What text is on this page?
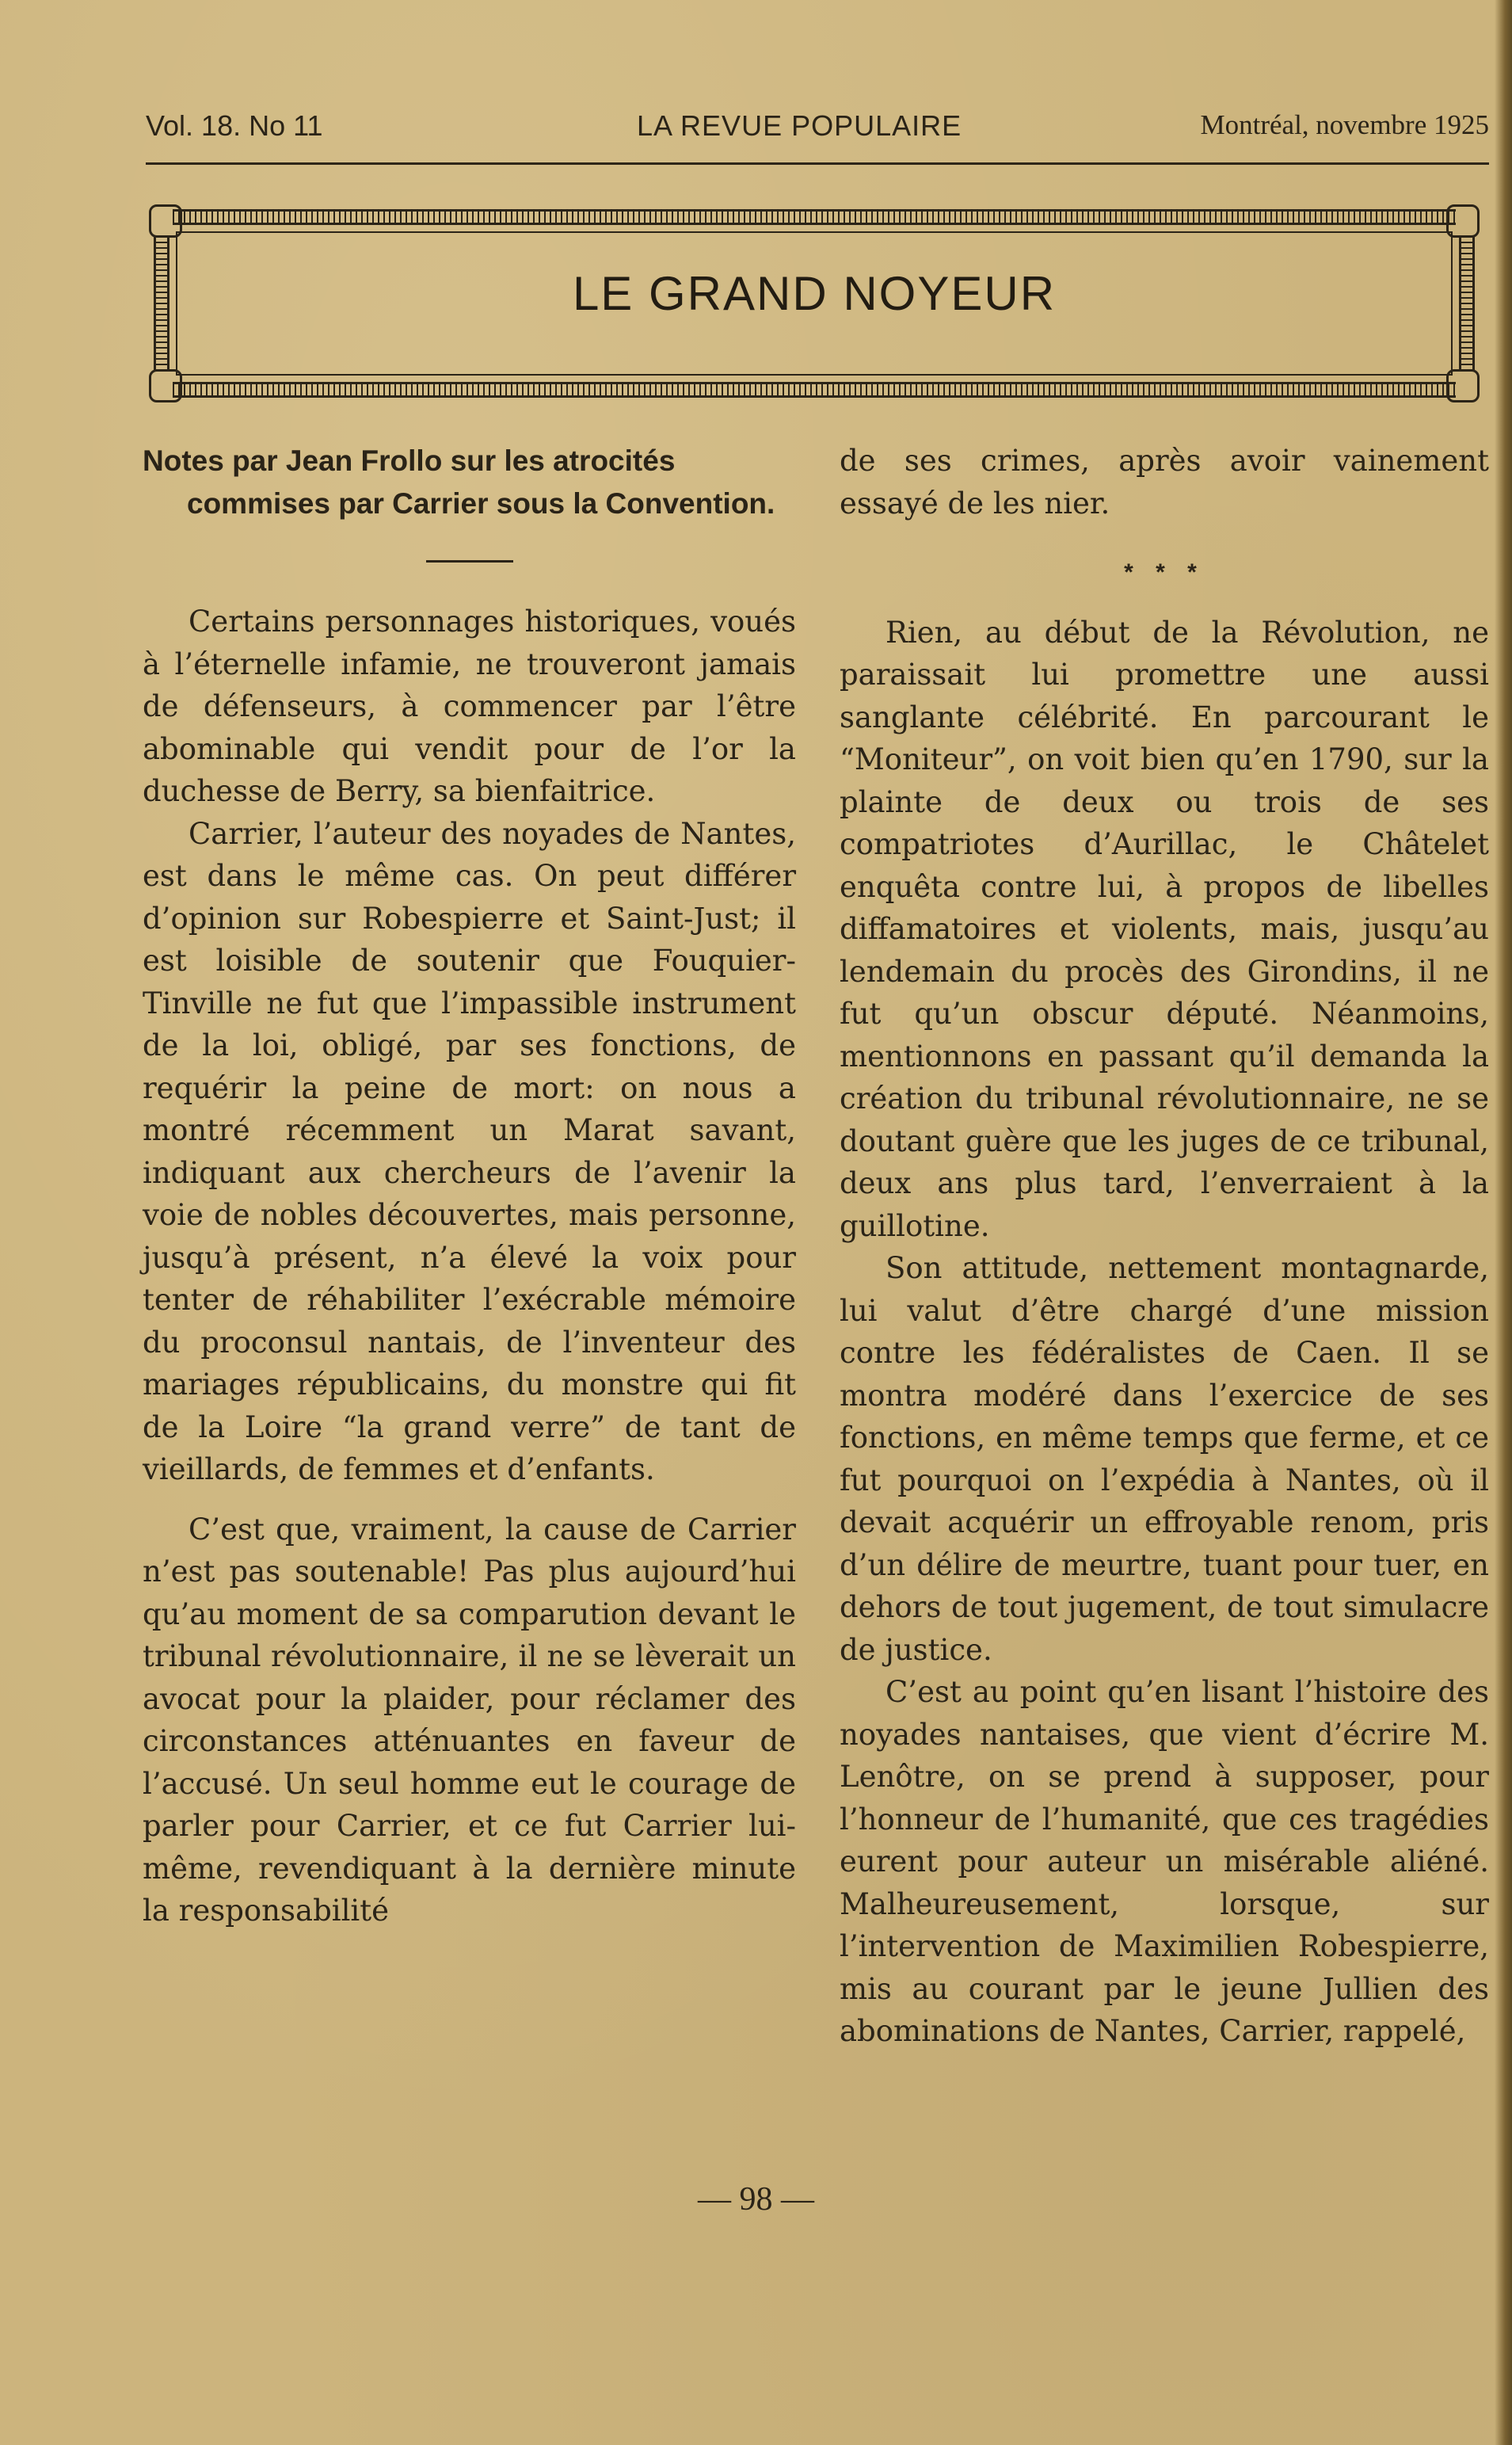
Vol. 18. No 11	LA REVUE POPULAIRE	Montréal, novembre 1925
LE GRAND NOYEUR

Notes par Jean Frollo sur les atrocités commises par Carrier sous la Convention.

Certains personnages historiques, voués à l’éternelle infamie, ne trouveront jamais de défenseurs, à commencer par l’être abominable qui vendit pour de l’or la duchesse de Berry, sa bienfaitrice.

Carrier, l’auteur des noyades de Nantes, est dans le même cas. On peut différer d’opinion sur Robespierre et Saint-Just; il est loisible de soutenir que Fouquier-Tinville ne fut que l’impassible instrument de la loi, obligé, par ses fonctions, de requérir la peine de mort: on nous a montré récemment un Marat savant, indiquant aux chercheurs de l’avenir la voie de nobles découvertes, mais personne, jusqu’à présent, n’a élevé la voix pour tenter de réhabiliter l’exécrable mémoire du proconsul nantais, de l’inventeur des mariages républicains, du monstre qui fit de la Loire “la grand verre” de tant de vieillards, de femmes et d’enfants.

C’est que, vraiment, la cause de Carrier n’est pas soutenable! Pas plus aujourd’hui qu’au moment de sa comparution devant le tribunal révolutionnaire, il ne se lèverait un avocat pour la plaider, pour réclamer des circonstances atténuantes en faveur de l’accusé. Un seul homme eut le courage de parler pour Carrier, et ce fut Carrier lui-même, revendiquant à la dernière minute la responsabilité

de ses crimes, après avoir vainement essayé de les nier.

* * *

Rien, au début de la Révolution, ne paraissait lui promettre une aussi sanglante célébrité. En parcourant le “Moniteur”, on voit bien qu’en 1790, sur la plainte de deux ou trois de ses compatriotes d’Aurillac, le Châtelet enquêta contre lui, à propos de libelles diffamatoires et violents, mais, jusqu’au lendemain du procès des Girondins, il ne fut qu’un obscur député. Néanmoins, mentionnons en passant qu’il demanda la création du tribunal révolutionnaire, ne se doutant guère que les juges de ce tribunal, deux ans plus tard, l’enverraient à la guillotine.

Son attitude, nettement montagnarde, lui valut d’être chargé d’une mission contre les fédéralistes de Caen. Il se montra modéré dans l’exercice de ses fonctions, en même temps que ferme, et ce fut pourquoi on l’expédia à Nantes, où il devait acquérir un effroyable renom, pris d’un délire de meurtre, tuant pour tuer, en dehors de tout jugement, de tout simulacre de justice.

C’est au point qu’en lisant l’histoire des noyades nantaises, que vient d’écrire M. Lenôtre, on se prend à supposer, pour l’honneur de l’humanité, que ces tragédies eurent pour auteur un misérable aliéné. Malheureusement, lorsque, sur l’intervention de Maximilien Robespierre, mis au courant par le jeune Jullien des abominations de Nantes, Carrier, rappelé,

— 98 —
